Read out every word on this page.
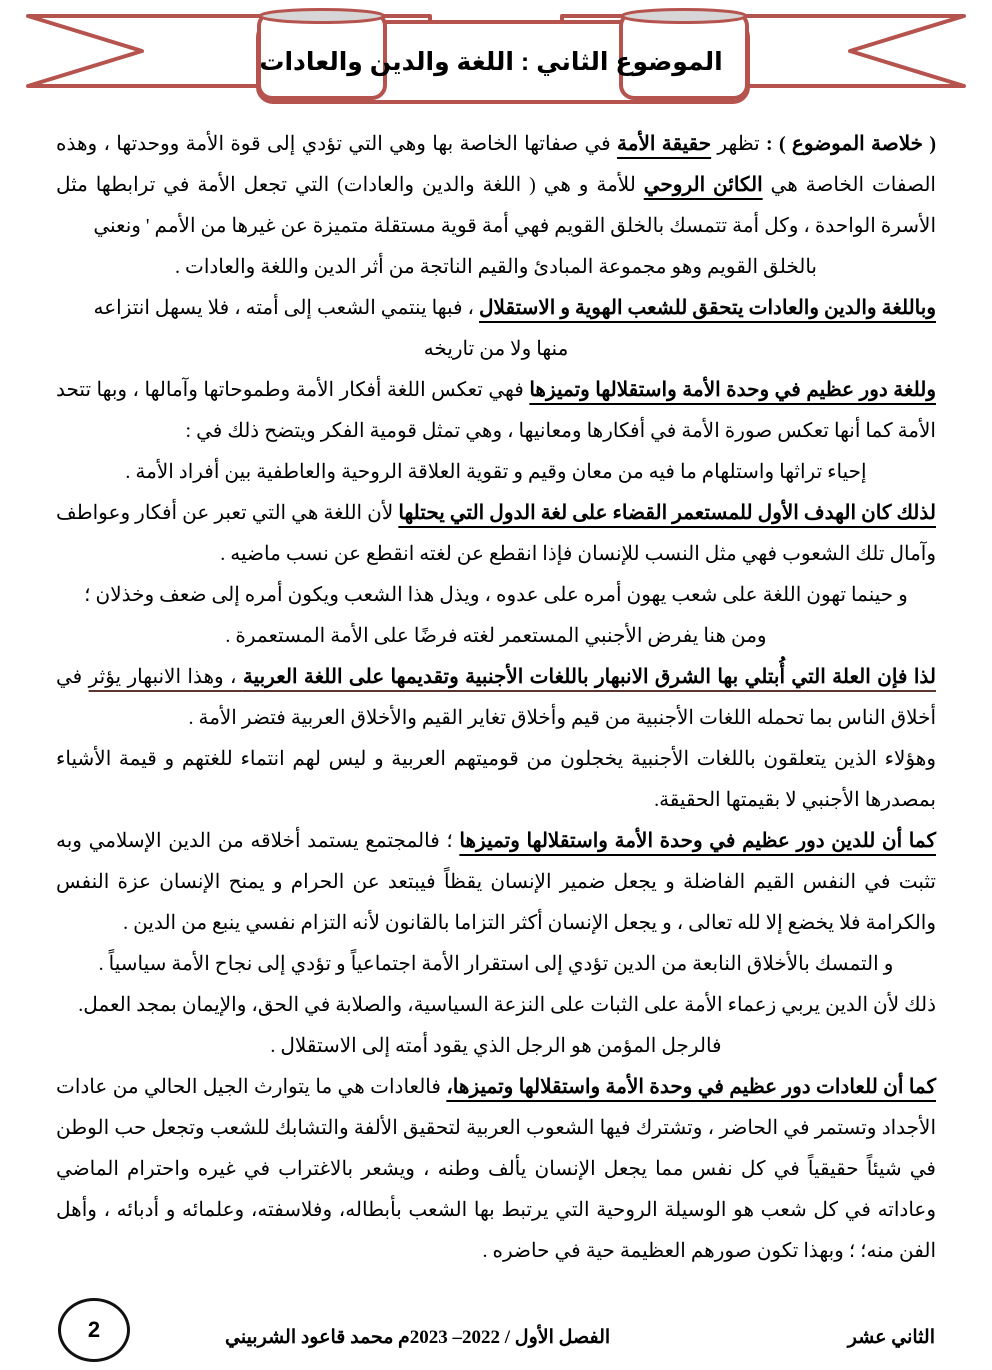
الموضوع الثاني : اللغة والدين والعادات

( خلاصة الموضوع ) : تظهر حقيقة الأمة في صفاتها الخاصة بها وهي التي تؤدي إلى قوة الأمة ووحدتها ، وهذه الصفات الخاصة هي الكائن الروحي للأمة و هي ( اللغة والدين والعادات) التي تجعل الأمة في ترابطها مثل الأسرة الواحدة ، وكل أمة تتمسك بالخلق القويم فهي أمة قوية مستقلة متميزة عن غيرها من الأمم ' ونعني

بالخلق القويم وهو مجموعة المبادئ والقيم الناتجة من أثر الدين واللغة والعادات .

وباللغة والدين والعادات يتحقق للشعب الهوية و الاستقلال ، فبها ينتمي الشعب إلى أمته ، فلا يسهل انتزاعه

منها ولا من تاريخه

وللغة دور عظيم في وحدة الأمة واستقلالها وتميزها فهي تعكس اللغة أفكار الأمة وطموحاتها وآمالها ، وبها تتحد الأمة كما أنها تعكس صورة الأمة في أفكارها ومعانيها ، وهي تمثل قومية الفكر ويتضح ذلك في :

إحياء تراثها واستلهام ما فيه من معان وقيم و تقوية العلاقة الروحية والعاطفية بين أفراد الأمة .

لذلك كان الهدف الأول للمستعمر القضاء على لغة الدول التي يحتلها لأن اللغة هي التي تعبر عن أفكار وعواطف وآمال تلك الشعوب فهي مثل النسب للإنسان فإذا انقطع عن لغته انقطع عن نسب ماضيه .

و حينما تهون اللغة على شعب يهون أمره على عدوه ، ويذل هذا الشعب ويكون أمره إلى ضعف وخذلان ؛

ومن هنا يفرض الأجنبي المستعمر لغته فرضًا على الأمة المستعمرة .

لذا فإن العلة التي أُبتلي بها الشرق الانبهار باللغات الأجنبية وتقديمها على اللغة العربية ، وهذا الانبهار يؤثر في أخلاق الناس بما تحمله اللغات الأجنبية من قيم وأخلاق تغاير القيم والأخلاق العربية فتضر الأمة .

وهؤلاء الذين يتعلقون باللغات الأجنبية يخجلون من قوميتهم العربية و ليس لهم انتماء للغتهم و قيمة الأشياء بمصدرها الأجنبي لا بقيمتها الحقيقة.

كما أن للدين دور عظيم في وحدة الأمة واستقلالها وتميزها ؛ فالمجتمع يستمد أخلاقه من الدين الإسلامي وبه تثبت في النفس القيم الفاضلة و يجعل ضمير الإنسان يقظاً فيبتعد عن الحرام و يمنح الإنسان عزة النفس والكرامة فلا يخضع إلا لله تعالى ، و يجعل الإنسان أكثر التزاما بالقانون لأنه التزام نفسي ينبع من الدين .

و التمسك بالأخلاق النابعة من الدين تؤدي إلى استقرار الأمة اجتماعياً و تؤدي إلى نجاح الأمة سياسياً .

ذلك لأن الدين يربي زعماء الأمة على الثبات على النزعة السياسية، والصلابة في الحق، والإيمان بمجد العمل.

فالرجل المؤمن هو الرجل الذي يقود أمته إلى الاستقلال .

كما أن للعادات دور عظيم في وحدة الأمة واستقلالها وتميزها، فالعادات هي ما يتوارث الجيل الحالي من عادات الأجداد وتستمر في الحاضر ، وتشترك فيها الشعوب العربية لتحقيق الألفة والتشابك للشعب وتجعل حب الوطن في شيئاً حقيقياً في كل نفس مما يجعل الإنسان يألف وطنه ، ويشعر بالاغتراب في غيره واحترام الماضي وعاداته في كل شعب هو الوسيلة الروحية التي يرتبط بها الشعب بأبطاله، وفلاسفته، وعلمائه و أدبائه ، وأهل الفن منه؛ ؛ وبهذا تكون صورهم العظيمة حية في حاضره .

2	محمد قاعود الشربيني الفصل الأول / 2022– 2023م	الثاني عشر
